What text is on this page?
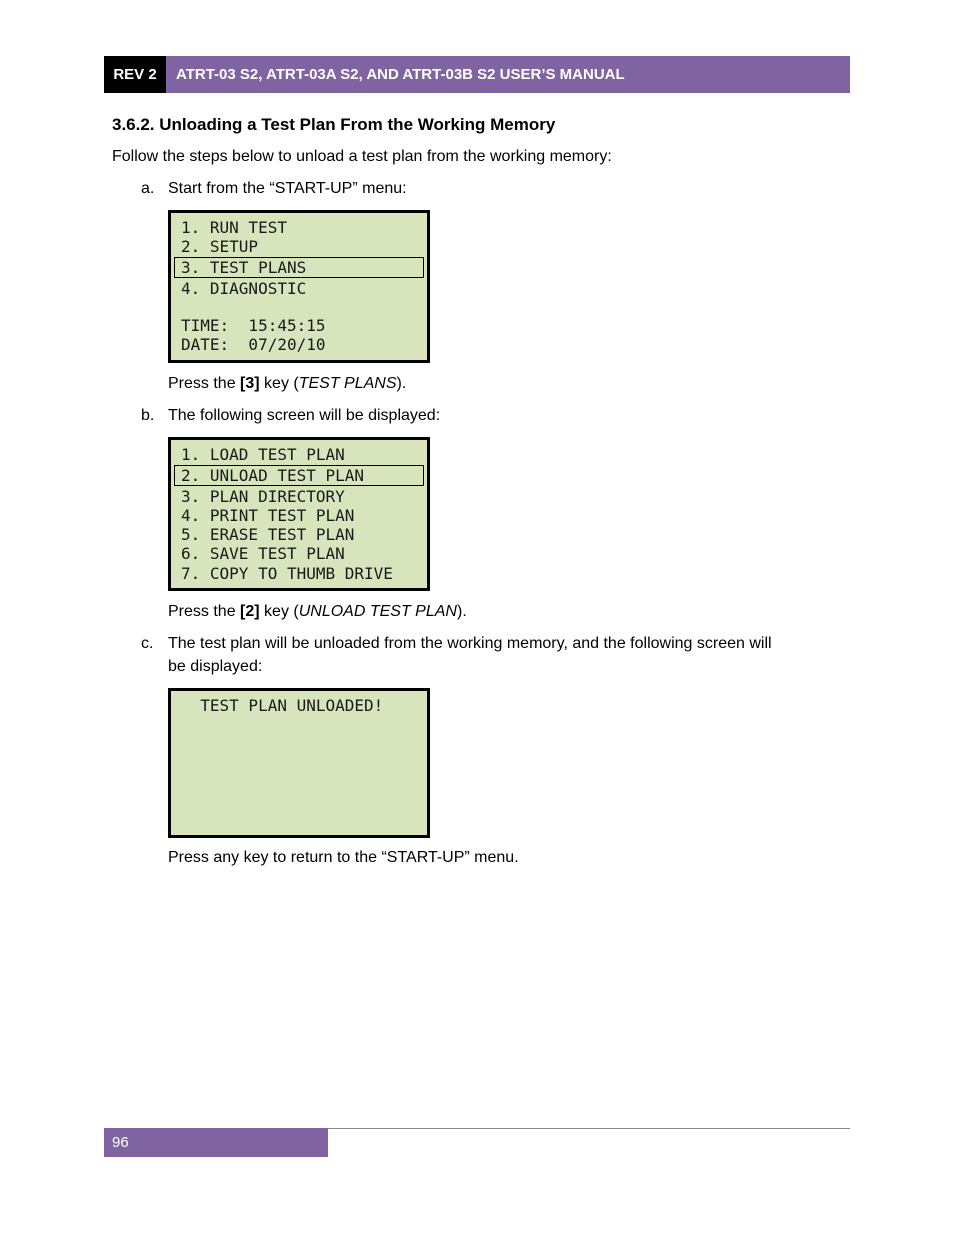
REV 2	ATRT-03 S2, ATRT-03A S2, AND ATRT-03B S2 USER’S MANUAL
3.6.2. Unloading a Test Plan From the Working Memory
Follow the steps below to unload a test plan from the working memory:
a. Start from the “START-UP” menu:
1. RUN TEST
2. SETUP
3. TEST PLANS
4. DIAGNOSTIC
TIME:  15:45:15
DATE:  07/20/10
Press the [3] key (TEST PLANS).
b. The following screen will be displayed:
1. LOAD TEST PLAN
2. UNLOAD TEST PLAN
3. PLAN DIRECTORY
4. PRINT TEST PLAN
5. ERASE TEST PLAN
6. SAVE TEST PLAN
7. COPY TO THUMB DRIVE
Press the [2] key (UNLOAD TEST PLAN).
c. The test plan will be unloaded from the working memory, and the following screen will
be displayed:
TEST PLAN UNLOADED!
Press any key to return to the “START-UP” menu.
96
